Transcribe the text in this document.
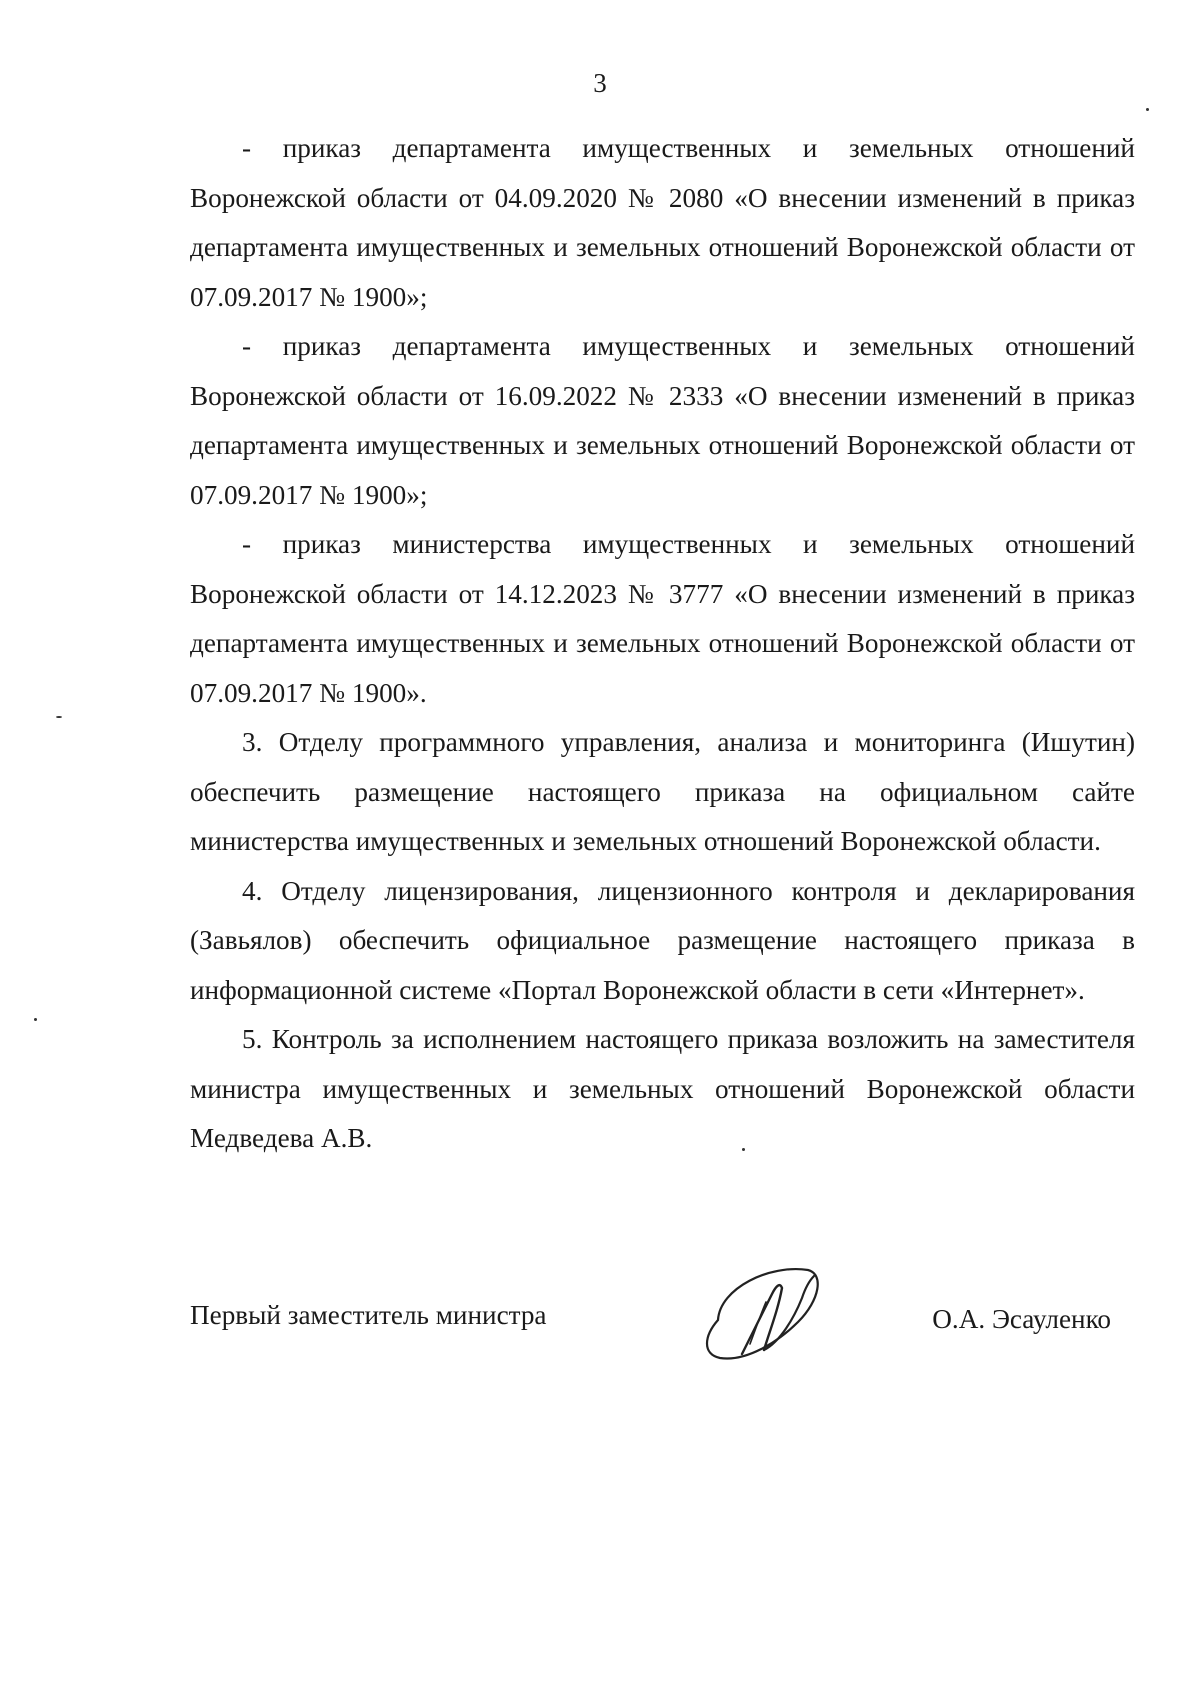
3

- приказ департамента имущественных и земельных отношений Воронежской области от 04.09.2020 № 2080 «О внесении изменений в приказ департамента имущественных и земельных отношений Воронежской области от 07.09.2017 № 1900»;

- приказ департамента имущественных и земельных отношений Воронежской области от 16.09.2022 № 2333 «О внесении изменений в приказ департамента имущественных и земельных отношений Воронежской области от 07.09.2017 № 1900»;

- приказ министерства имущественных и земельных отношений Воронежской области от 14.12.2023 № 3777 «О внесении изменений в приказ департамента имущественных и земельных отношений Воронежской области от 07.09.2017 № 1900».

3. Отделу программного управления, анализа и мониторинга (Ишутин) обеспечить размещение настоящего приказа на официальном сайте министерства имущественных и земельных отношений Воронежской области.

4. Отделу лицензирования, лицензионного контроля и декларирования (Завьялов) обеспечить официальное размещение настоящего приказа в информационной системе «Портал Воронежской области в сети «Интернет».

5. Контроль за исполнением настоящего приказа возложить на заместителя министра имущественных и земельных отношений Воронежской области Медведева А.В.

Первый заместитель министра	О.А. Эсауленко
